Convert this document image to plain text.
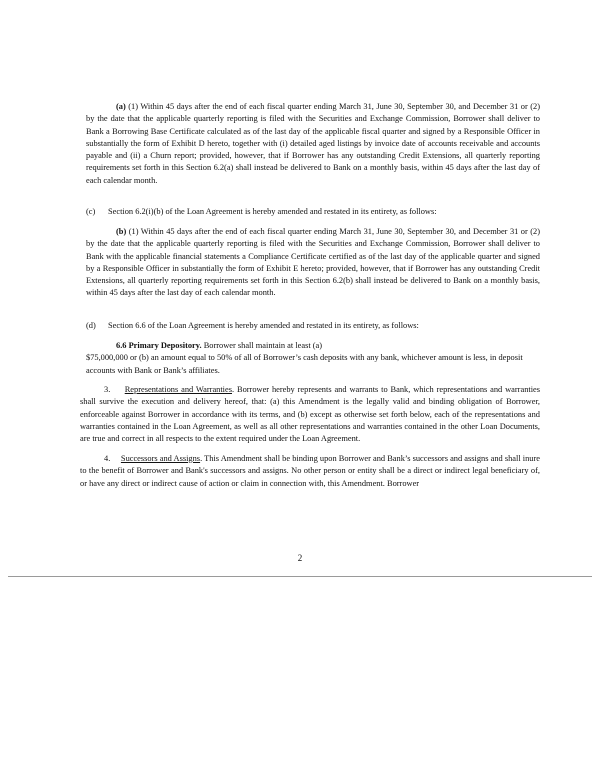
(a) (1) Within 45 days after the end of each fiscal quarter ending March 31, June 30, September 30, and December 31 or (2) by the date that the applicable quarterly reporting is filed with the Securities and Exchange Commission, Borrower shall deliver to Bank a Borrowing Base Certificate calculated as of the last day of the applicable fiscal quarter and signed by a Responsible Officer in substantially the form of Exhibit D hereto, together with (i) detailed aged listings by invoice date of accounts receivable and accounts payable and (ii) a Churn report; provided, however, that if Borrower has any outstanding Credit Extensions, all quarterly reporting requirements set forth in this Section 6.2(a) shall instead be delivered to Bank on a monthly basis, within 45 days after the last day of each calendar month.

(c) Section 6.2(i)(b) of the Loan Agreement is hereby amended and restated in its entirety, as follows:

(b) (1) Within 45 days after the end of each fiscal quarter ending March 31, June 30, September 30, and December 31 or (2) by the date that the applicable quarterly reporting is filed with the Securities and Exchange Commission, Borrower shall deliver to Bank with the applicable financial statements a Compliance Certificate certified as of the last day of the applicable quarter and signed by a Responsible Officer in substantially the form of Exhibit E hereto; provided, however, that if Borrower has any outstanding Credit Extensions, all quarterly reporting requirements set forth in this Section 6.2(b) shall instead be delivered to Bank on a monthly basis, within 45 days after the last day of each calendar month.

(d) Section 6.6 of the Loan Agreement is hereby amended and restated in its entirety, as follows:

6.6 Primary Depository. Borrower shall maintain at least (a)
$75,000,000 or (b) an amount equal to 50% of all of Borrower’s cash deposits with any bank, whichever amount is less, in deposit accounts with Bank or Bank’s affiliates.

3. Representations and Warranties. Borrower hereby represents and warrants to Bank, which representations and warranties shall survive the execution and delivery hereof, that: (a) this Amendment is the legally valid and binding obligation of Borrower, enforceable against Borrower in accordance with its terms, and (b) except as otherwise set forth below, each of the representations and warranties contained in the Loan Agreement, as well as all other representations and warranties contained in the other Loan Documents, are true and correct in all respects to the extent required under the Loan Agreement.

4. Successors and Assigns. This Amendment shall be binding upon Borrower and Bank’s successors and assigns and shall inure to the benefit of Borrower and Bank's successors and assigns. No other person or entity shall be a direct or indirect legal beneficiary of, or have any direct or indirect cause of action or claim in connection with, this Amendment. Borrower

2
